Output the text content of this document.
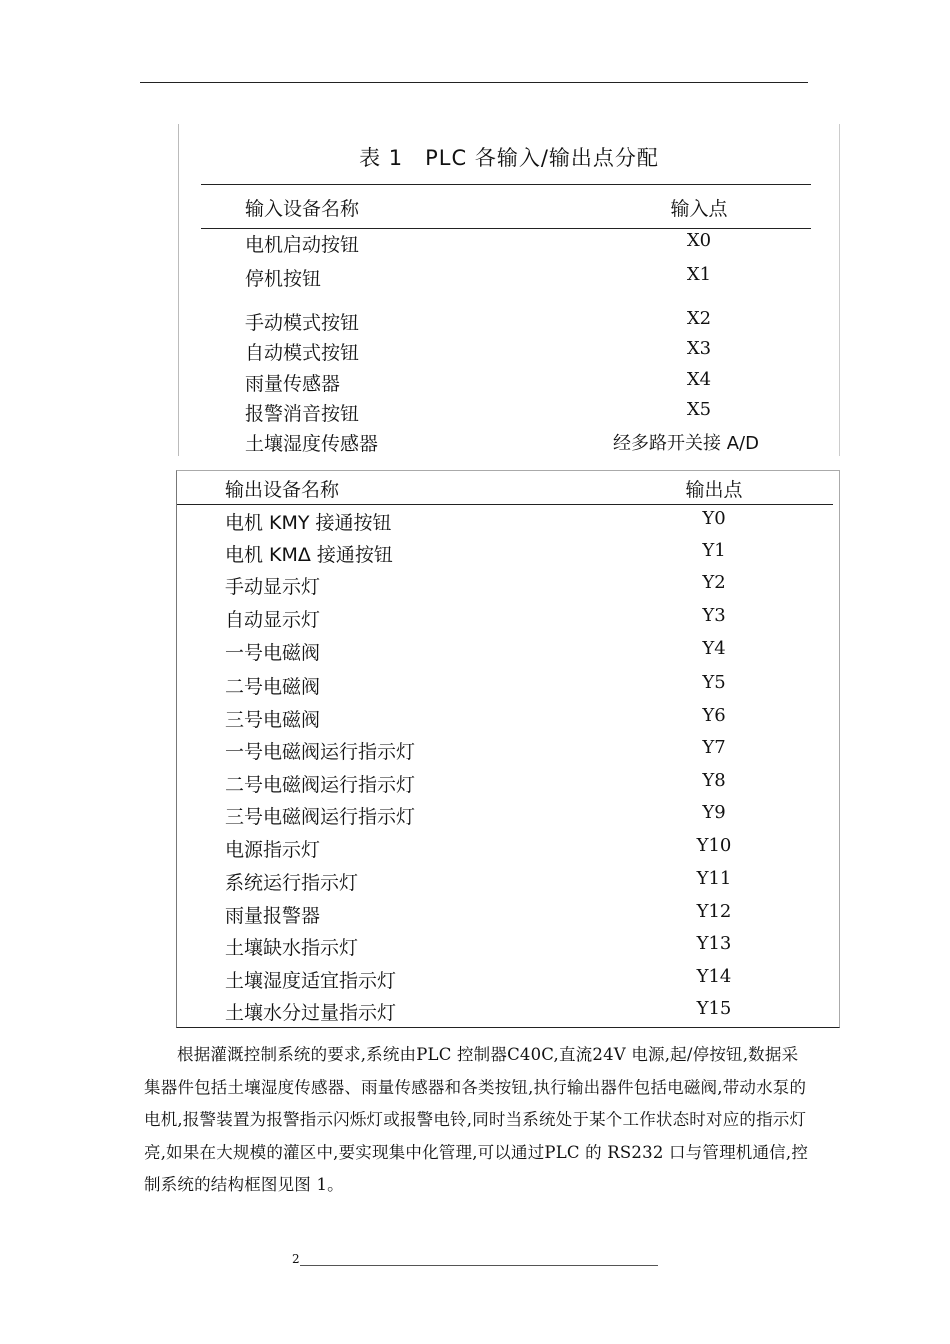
表 1　PLC 各输入/输出点分配
输入设备名称	输入点
电机启动按钮	X0
停机按钮	X1
手动模式按钮	X2
自动模式按钮	X3
雨量传感器	X4
报警消音按钮	X5
土壤湿度传感器	经多路开关接 A/D
输出设备名称	输出点
电机 KMY 接通按钮	Y0
电机 KMΔ 接通按钮	Y1
手动显示灯	Y2
自动显示灯	Y3
一号电磁阀	Y4
二号电磁阀	Y5
三号电磁阀	Y6
一号电磁阀运行指示灯	Y7
二号电磁阀运行指示灯	Y8
三号电磁阀运行指示灯	Y9
电源指示灯	Y10
系统运行指示灯	Y11
雨量报警器	Y12
土壤缺水指示灯	Y13
土壤湿度适宜指示灯	Y14
土壤水分过量指示灯	Y15
根据灌溉控制系统的要求,系统由PLC 控制器C40C,直流24V 电源,起/停按钮,数据采集器件包括土壤湿度传感器、雨量传感器和各类按钮,执行输出器件包括电磁阀,带动水泵的电机,报警装置为报警指示闪烁灯或报警电铃,同时当系统处于某个工作状态时对应的指示灯亮,如果在大规模的灌区中,要实现集中化管理,可以通过PLC 的 RS232 口与管理机通信,控制系统的结构框图见图 1。
2
